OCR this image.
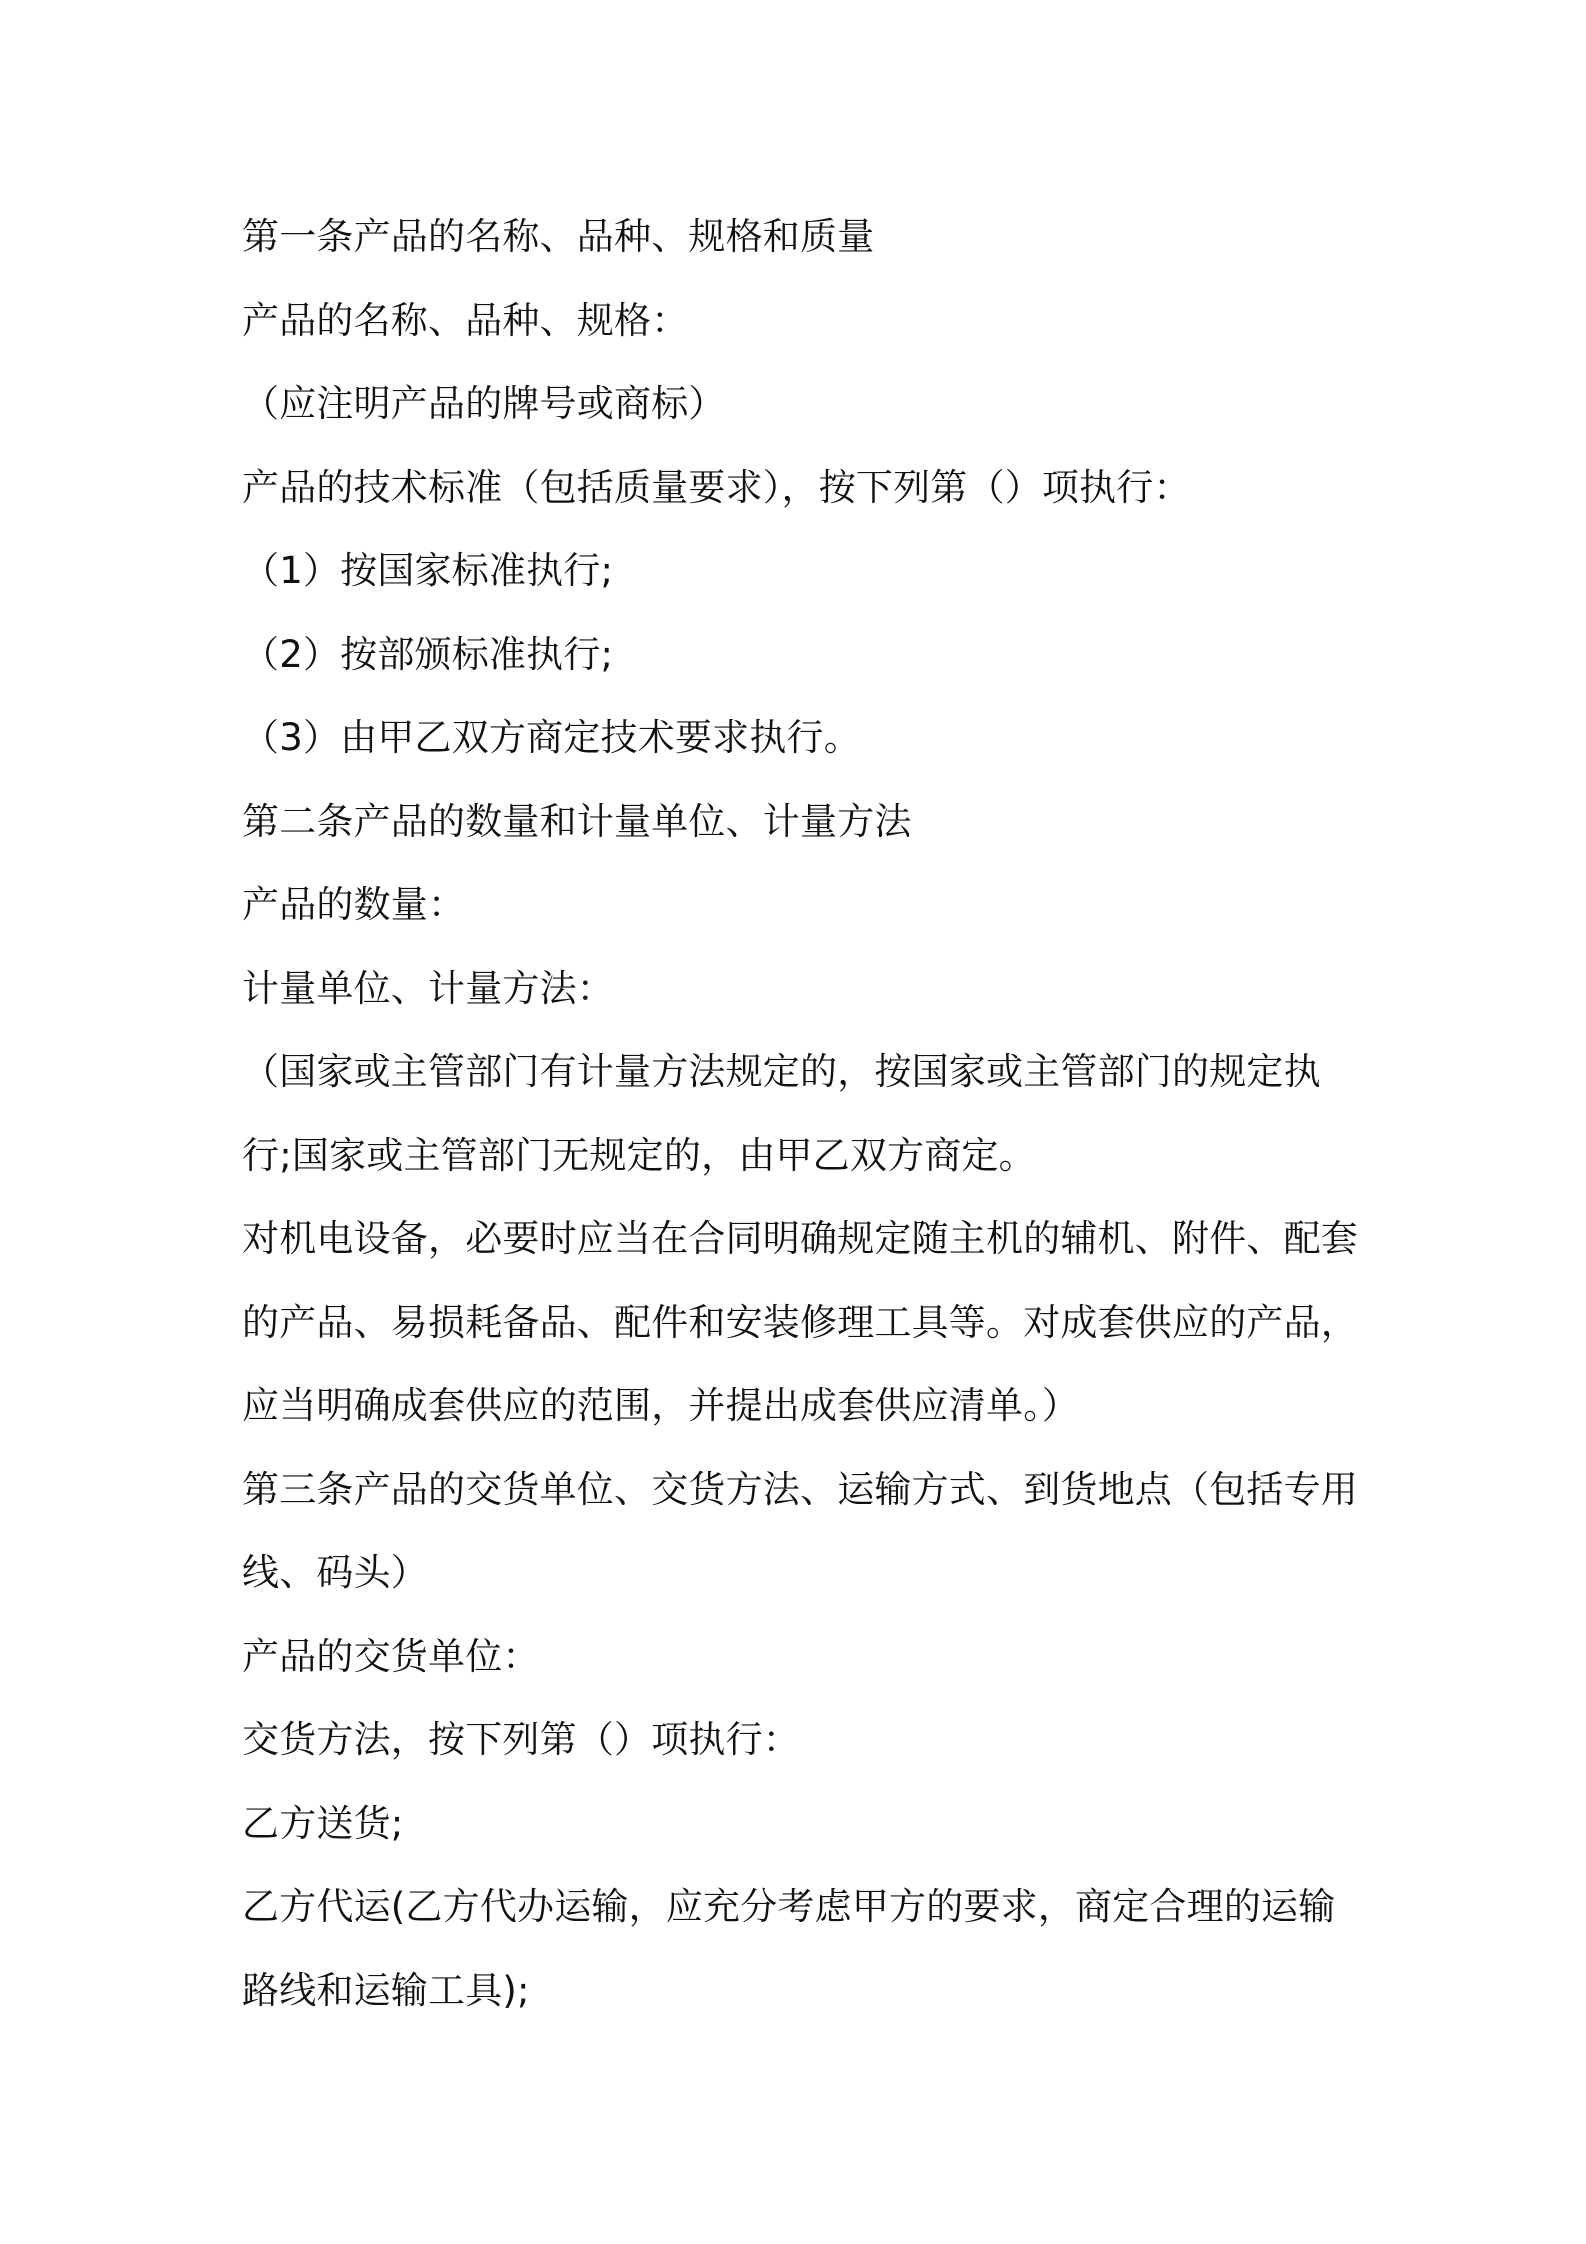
第一条产品的名称、品种、规格和质量

产品的名称、品种、规格：

（应注明产品的牌号或商标）

产品的技术标准（包括质量要求），按下列第（）项执行：

（1）按国家标准执行;

（2）按部颁标准执行;

（3）由甲乙双方商定技术要求执行。

第二条产品的数量和计量单位、计量方法

产品的数量：

计量单位、计量方法：

（国家或主管部门有计量方法规定的，按国家或主管部门的规定执行;国家或主管部门无规定的，由甲乙双方商定。

对机电设备，必要时应当在合同明确规定随主机的辅机、附件、配套的产品、易损耗备品、配件和安装修理工具等。对成套供应的产品，应当明确成套供应的范围，并提出成套供应清单。）

第三条产品的交货单位、交货方法、运输方式、到货地点（包括专用线、码头）

产品的交货单位：

交货方法，按下列第（）项执行：

乙方送货;

乙方代运(乙方代办运输，应充分考虑甲方的要求，商定合理的运输路线和运输工具);
